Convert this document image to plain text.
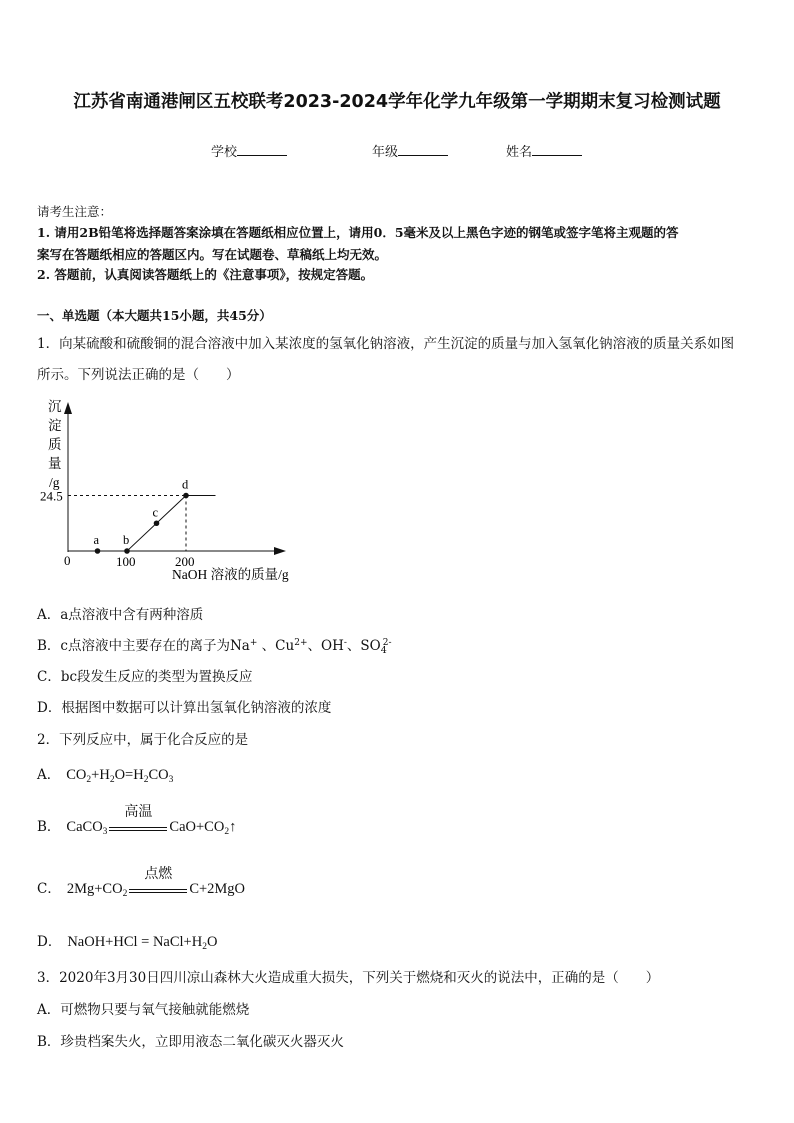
江苏省南通港闸区五校联考2023-2024学年化学九年级第一学期期末复习检测试题
学校	年级	姓名
请考生注意：
1. 请用2B铅笔将选择题答案涂填在答题纸相应位置上，请用0．5毫米及以上黑色字迹的钢笔或签字笔将主观题的答
案写在答题纸相应的答题区内。写在试题卷、草稿纸上均无效。
2. 答题前，认真阅读答题纸上的《注意事项》，按规定答题。
一、单选题（本大题共15小题，共45分）
1．向某硫酸和硫酸铜的混合溶液中加入某浓度的氢氧化钠溶液，产生沉淀的质量与加入氢氧化钠溶液的质量关系如图
所示。下列说法正确的是（　　）
沉
淀
质
量
/g
0
24.5
100	200
a b
c
d
NaOH 溶液的质量/g
A．a点溶液中含有两种溶质
B．c点溶液中主要存在的离子为Na+ 、$Cu^{2+}$、OH-、$SO_4^{2-}$
C．bc段发生反应的类型为置换反应
D．根据图中数据可以计算出氢氧化钠溶液的浓度
2．下列反应中，属于化合反应的是
A． $CO_2+H_2O=H_2CO_3$
B． CaCO$_3$
高温
$CaO+CO_2↑$
C． $2Mg+CO_2$
点燃
C+2MgO
D． NaOH+HCl = $NaCl+H_2O$
3．2020年3月30日四川凉山森林大火造成重大损失，下列关于燃烧和灭火的说法中，正确的是（　　）
A．可燃物只要与氧气接触就能燃烧
B．珍贵档案失火，立即用液态二氧化碳灭火器灭火
